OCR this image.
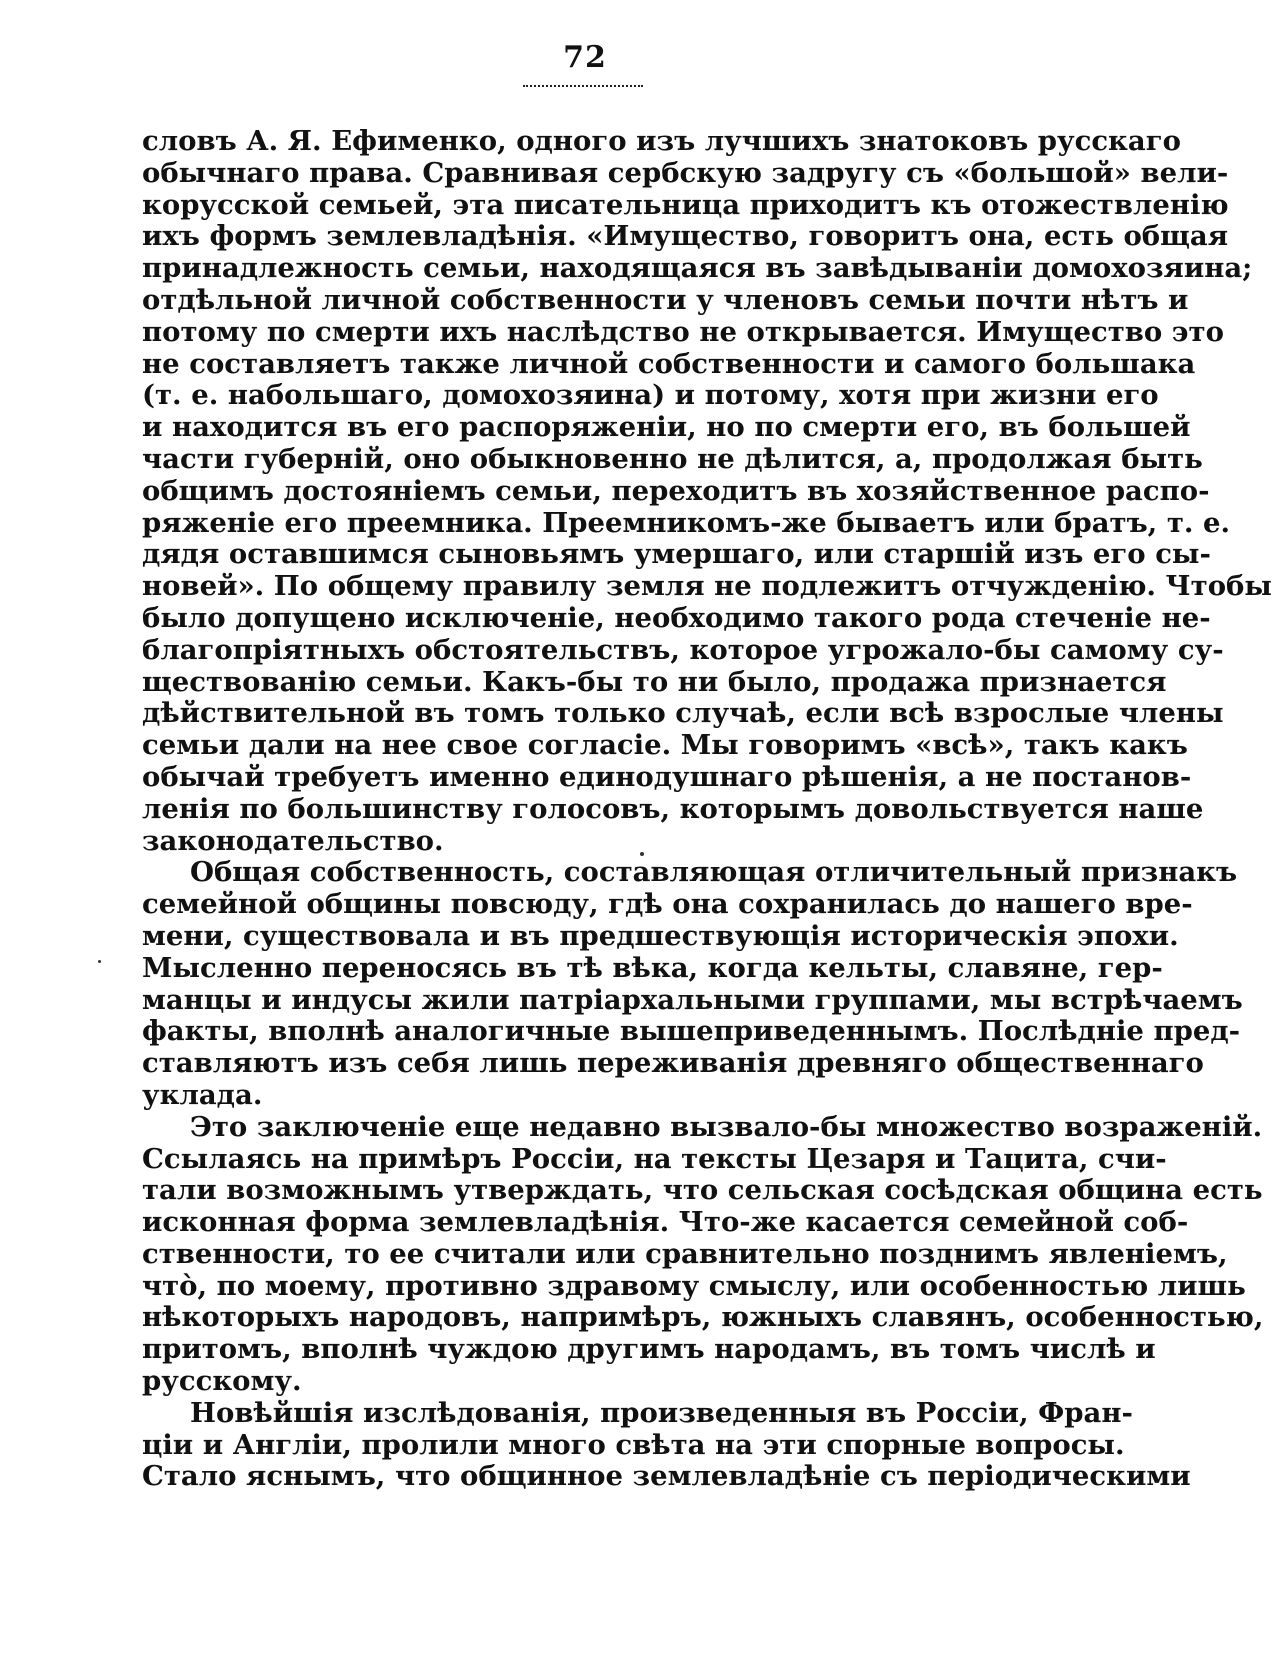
72
словъ А. Я. Ефименко, одного изъ лучшихъ знатоковъ русскаго
обычнаго права. Сравнивая сербскую задругу съ «большой» вели-
корусской семьей, эта писательница приходитъ къ отожествленію
ихъ формъ землевладѣнія. «Имущество, говоритъ она, есть общая
принадлежность семьи, находящаяся въ завѣдываніи домохозяина;
отдѣльной личной собственности у членовъ семьи почти нѣтъ и
потому по смерти ихъ наслѣдство не открывается. Имущество это
не составляетъ также личной собственности и самого большака
(т. е. набольшаго, домохозяина) и потому, хотя при жизни его
и находится въ его распоряженіи, но по смерти его, въ большей
части губерній, оно обыкновенно не дѣлится, а, продолжая быть
общимъ достояніемъ семьи, переходитъ въ хозяйственное распо-
ряженіе его преемника. Преемникомъ-же бываетъ или братъ, т. е.
дядя оставшимся сыновьямъ умершаго, или старшій изъ его сы-
новей». По общему правилу земля не подлежитъ отчужденію. Чтобы
было допущено исключеніе, необходимо такого рода стеченіе не-
благопріятныхъ обстоятельствъ, которое угрожало-бы самому су-
ществованію семьи. Какъ-бы то ни было, продажа признается
дѣйствительной въ томъ только случаѣ, если всѣ взрослые члены
семьи дали на нее свое согласіе. Мы говоримъ «всѣ», такъ какъ
обычай требуетъ именно единодушнаго рѣшенія, а не постанов-
ленія по большинству голосовъ, которымъ довольствуется наше
законодательство.
Общая собственность, составляющая отличительный признакъ
семейной общины повсюду, гдѣ она сохранилась до нашего вре-
мени, существовала и въ предшествующія историческія эпохи.
Мысленно переносясь въ тѣ вѣка, когда кельты, славяне, гер-
манцы и индусы жили патріархальными группами, мы встрѣчаемъ
факты, вполнѣ аналогичные вышеприведеннымъ. Послѣдніе пред-
ставляютъ изъ себя лишь переживанія древняго общественнаго
уклада.
Это заключеніе еще недавно вызвало-бы множество возраженій.
Ссылаясь на примѣръ Россіи, на тексты Цезаря и Тацита, счи-
тали возможнымъ утверждать, что сельская сосѣдская община есть
исконная форма землевладѣнія. Что-же касается семейной соб-
ственности, то ее считали или сравнительно позднимъ явленіемъ,
чтò, по моему, противно здравому смыслу, или особенностью лишь
нѣкоторыхъ народовъ, напримѣръ, южныхъ славянъ, особенностью,
притомъ, вполнѣ чуждою другимъ народамъ, въ томъ числѣ и
русскому.
Новѣйшія изслѣдованія, произведенныя въ Россіи, Фран-
ціи и Англіи, пролили много свѣта на эти спорные вопросы.
Стало яснымъ, что общинное землевладѣніе съ періодическими
